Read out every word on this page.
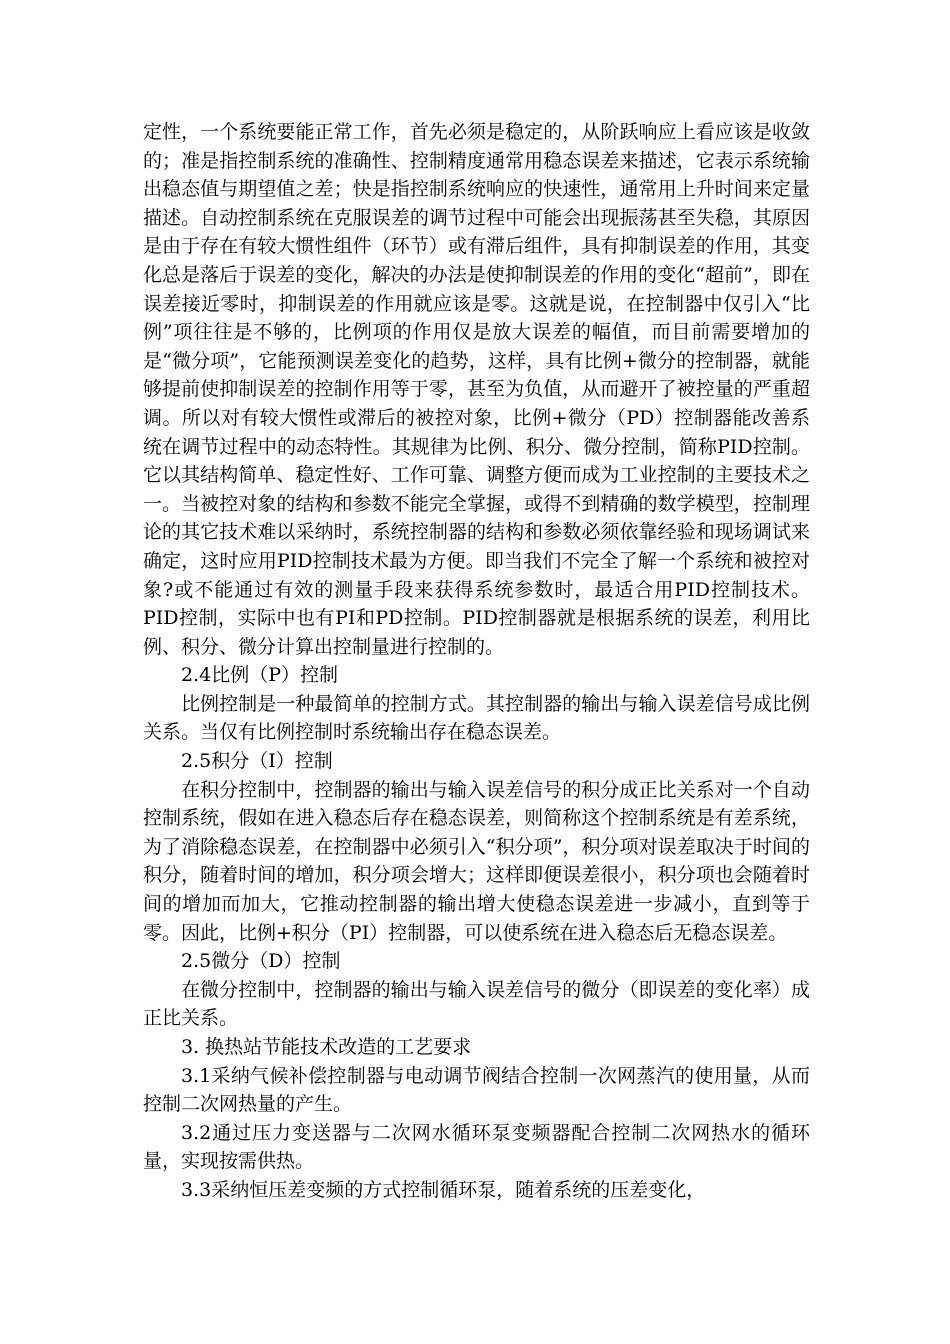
定性，一个系统要能正常工作，首先必须是稳定的，从阶跃响应上看应该是收敛的；准是指控制系统的准确性、控制精度通常用稳态误差来描述，它表示系统输出稳态值与期望值之差；快是指控制系统响应的快速性，通常用上升时间来定量描述。自动控制系统在克服误差的调节过程中可能会出现振荡甚至失稳，其原因是由于存在有较大惯性组件（环节）或有滞后组件，具有抑制误差的作用，其变化总是落后于误差的变化，解决的办法是使抑制误差的作用的变化“超前”，即在误差接近零时，抑制误差的作用就应该是零。这就是说，在控制器中仅引入“比例”项往往是不够的，比例项的作用仅是放大误差的幅值，而目前需要增加的是“微分项”，它能预测误差变化的趋势，这样，具有比例+微分的控制器，就能够提前使抑制误差的控制作用等于零，甚至为负值，从而避开了被控量的严重超调。所以对有较大惯性或滞后的被控对象，比例+微分（PD）控制器能改善系统在调节过程中的动态特性。其规律为比例、积分、微分控制，简称PID控制。它以其结构简单、稳定性好、工作可靠、调整方便而成为工业控制的主要技术之一。当被控对象的结构和参数不能完全掌握，或得不到精确的数学模型，控制理论的其它技术难以采纳时，系统控制器的结构和参数必须依靠经验和现场调试来确定，这时应用PID控制技术最为方便。即当我们不完全了解一个系统和被控对象?或不能通过有效的测量手段来获得系统参数时，最适合用PID控制技术。PID控制，实际中也有PI和PD控制。PID控制器就是根据系统的误差，利用比例、积分、微分计算出控制量进行控制的。

2.4比例（P）控制

比例控制是一种最简单的控制方式。其控制器的输出与输入误差信号成比例关系。当仅有比例控制时系统输出存在稳态误差。

2.5积分（I）控制

在积分控制中，控制器的输出与输入误差信号的积分成正比关系对一个自动控制系统，假如在进入稳态后存在稳态误差，则简称这个控制系统是有差系统，为了消除稳态误差，在控制器中必须引入“积分项”，积分项对误差取决于时间的积分，随着时间的增加，积分项会增大；这样即便误差很小，积分项也会随着时间的增加而加大，它推动控制器的输出增大使稳态误差进一步减小，直到等于零。因此，比例+积分（PI）控制器，可以使系统在进入稳态后无稳态误差。

2.5微分（D）控制

在微分控制中，控制器的输出与输入误差信号的微分（即误差的变化率）成正比关系。

3. 换热站节能技术改造的工艺要求

3.1采纳气候补偿控制器与电动调节阀结合控制一次网蒸汽的使用量，从而控制二次网热量的产生。

3.2通过压力变送器与二次网水循环泵变频器配合控制二次网热水的循环量，实现按需供热。

3.3采纳恒压差变频的方式控制循环泵，随着系统的压差变化，
